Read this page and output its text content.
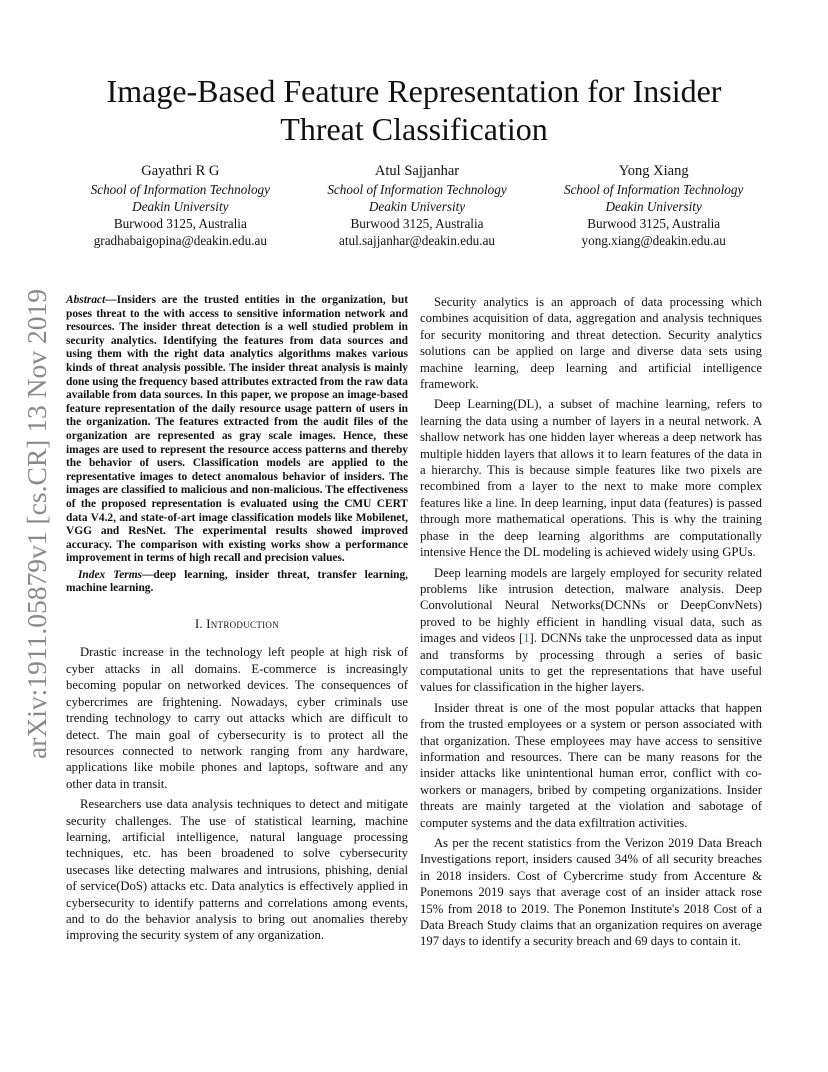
arXiv:1911.05879v1 [cs.CR] 13 Nov 2019
Image-Based Feature Representation for Insider Threat Classification
Gayathri R G
School of Information Technology
Deakin University
Burwood 3125, Australia
gradhabaigopina@deakin.edu.au
Atul Sajjanhar
School of Information Technology
Deakin University
Burwood 3125, Australia
atul.sajjanhar@deakin.edu.au
Yong Xiang
School of Information Technology
Deakin University
Burwood 3125, Australia
yong.xiang@deakin.edu.au

Abstract—Insiders are the trusted entities in the organization, but poses threat to the with access to sensitive information network and resources. The insider threat detection is a well studied problem in security analytics. Identifying the features from data sources and using them with the right data analytics algorithms makes various kinds of threat analysis possible. The insider threat analysis is mainly done using the frequency based attributes extracted from the raw data available from data sources. In this paper, we propose an image-based feature representation of the daily resource usage pattern of users in the organization. The features extracted from the audit files of the organization are represented as gray scale images. Hence, these images are used to represent the resource access patterns and thereby the behavior of users. Classification models are applied to the representative images to detect anomalous behavior of insiders. The images are classified to malicious and non-malicious. The effectiveness of the proposed representation is evaluated using the CMU CERT data V4.2, and state-of-art image classification models like Mobilenet, VGG and ResNet. The experimental results showed improved accuracy. The comparison with existing works show a performance improvement in terms of high recall and precision values.

Index Terms—deep learning, insider threat, transfer learning, machine learning.

I. Introduction

Drastic increase in the technology left people at high risk of cyber attacks in all domains. E-commerce is increasingly becoming popular on networked devices. The consequences of cybercrimes are frightening. Nowadays, cyber criminals use trending technology to carry out attacks which are difficult to detect. The main goal of cybersecurity is to protect all the resources connected to network ranging from any hardware, applications like mobile phones and laptops, software and any other data in transit.

Researchers use data analysis techniques to detect and mitigate security challenges. The use of statistical learning, machine learning, artificial intelligence, natural language processing techniques, etc. has been broadened to solve cybersecurity usecases like detecting malwares and intrusions, phishing, denial of service(DoS) attacks etc. Data analytics is effectively applied in cybersecurity to identify patterns and correlations among events, and to do the behavior analysis to bring out anomalies thereby improving the security system of any organization.

Security analytics is an approach of data processing which combines acquisition of data, aggregation and analysis techniques for security monitoring and threat detection. Security analytics solutions can be applied on large and diverse data sets using machine learning, deep learning and artificial intelligence framework.

Deep Learning(DL), a subset of machine learning, refers to learning the data using a number of layers in a neural network. A shallow network has one hidden layer whereas a deep network has multiple hidden layers that allows it to learn features of the data in a hierarchy. This is because simple features like two pixels are recombined from a layer to the next to make more complex features like a line. In deep learning, input data (features) is passed through more mathematical operations. This is why the training phase in the deep learning algorithms are computationally intensive Hence the DL modeling is achieved widely using GPUs.

Deep learning models are largely employed for security related problems like intrusion detection, malware analysis. Deep Convolutional Neural Networks(DCNNs or DeepConvNets) proved to be highly efficient in handling visual data, such as images and videos [1]. DCNNs take the unprocessed data as input and transforms by processing through a series of basic computational units to get the representations that have useful values for classification in the higher layers.

Insider threat is one of the most popular attacks that happen from the trusted employees or a system or person associated with that organization. These employees may have access to sensitive information and resources. There can be many reasons for the insider attacks like unintentional human error, conflict with co-workers or managers, bribed by competing organizations. Insider threats are mainly targeted at the violation and sabotage of computer systems and the data exfiltration activities.

As per the recent statistics from the Verizon 2019 Data Breach Investigations report, insiders caused 34% of all security breaches in 2018 insiders. Cost of Cybercrime study from Accenture & Ponemons 2019 says that average cost of an insider attack rose 15% from 2018 to 2019. The Ponemon Institute's 2018 Cost of a Data Breach Study claims that an organization requires on average 197 days to identify a security breach and 69 days to contain it.
